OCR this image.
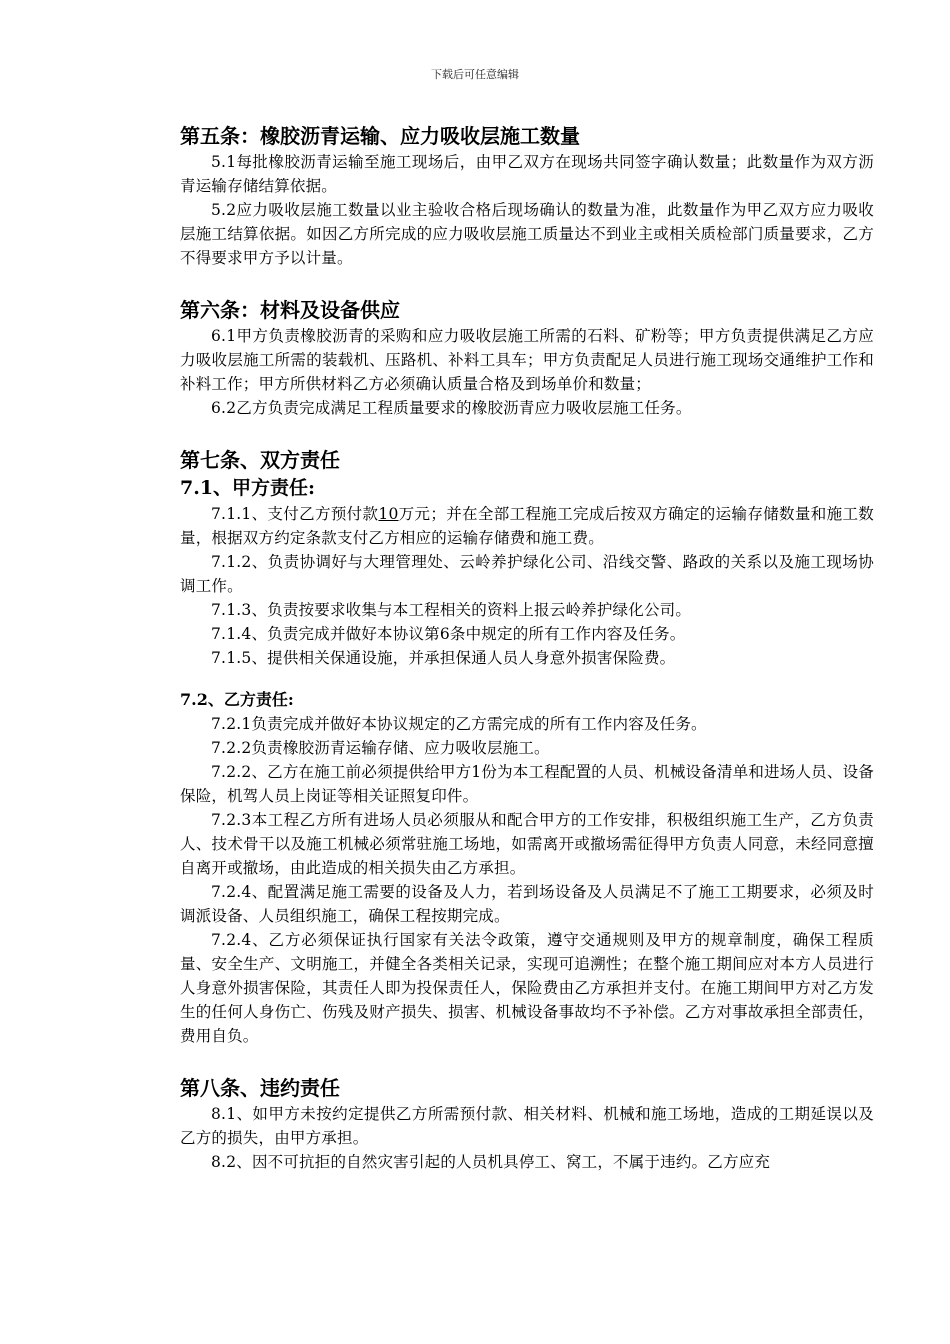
下载后可任意编辑
第五条：橡胶沥青运输、应力吸收层施工数量

5.1每批橡胶沥青运输至施工现场后，由甲乙双方在现场共同签字确认数量；此数量作为双方沥青运输存储结算依据。

5.2应力吸收层施工数量以业主验收合格后现场确认的数量为准，此数量作为甲乙双方应力吸收层施工结算依据。如因乙方所完成的应力吸收层施工质量达不到业主或相关质检部门质量要求，乙方不得要求甲方予以计量。

第六条：材料及设备供应

6.1甲方负责橡胶沥青的采购和应力吸收层施工所需的石料、矿粉等；甲方负责提供满足乙方应力吸收层施工所需的装载机、压路机、补料工具车；甲方负责配足人员进行施工现场交通维护工作和补料工作；甲方所供材料乙方必须确认质量合格及到场单价和数量；

6.2乙方负责完成满足工程质量要求的橡胶沥青应力吸收层施工任务。

第七条、双方责任
7.1、甲方责任:

7.1.1、支付乙方预付款10万元；并在全部工程施工完成后按双方确定的运输存储数量和施工数量，根据双方约定条款支付乙方相应的运输存储费和施工费。

7.1.2、负责协调好与大理管理处、云岭养护绿化公司、沿线交警、路政的关系以及施工现场协调工作。

7.1.3、负责按要求收集与本工程相关的资料上报云岭养护绿化公司。

7.1.4、负责完成并做好本协议第6条中规定的所有工作内容及任务。

7.1.5、提供相关保通设施，并承担保通人员人身意外损害保险费。

7.2、乙方责任:

7.2.1负责完成并做好本协议规定的乙方需完成的所有工作内容及任务。

7.2.2负责橡胶沥青运输存储、应力吸收层施工。

7.2.2、乙方在施工前必须提供给甲方1份为本工程配置的人员、机械设备清单和进场人员、设备保险，机驾人员上岗证等相关证照复印件。

7.2.3本工程乙方所有进场人员必须服从和配合甲方的工作安排，积极组织施工生产，乙方负责人、技术骨干以及施工机械必须常驻施工场地，如需离开或撤场需征得甲方负责人同意，未经同意擅自离开或撤场，由此造成的相关损失由乙方承担。

7.2.4、配置满足施工需要的设备及人力，若到场设备及人员满足不了施工工期要求，必须及时调派设备、人员组织施工，确保工程按期完成。

7.2.4、乙方必须保证执行国家有关法令政策，遵守交通规则及甲方的规章制度，确保工程质量、安全生产、文明施工，并健全各类相关记录，实现可追溯性；在整个施工期间应对本方人员进行人身意外损害保险，其责任人即为投保责任人，保险费由乙方承担并支付。在施工期间甲方对乙方发生的任何人身伤亡、伤残及财产损失、损害、机械设备事故均不予补偿。乙方对事故承担全部责任，费用自负。

第八条、违约责任

8.1、如甲方未按约定提供乙方所需预付款、相关材料、机械和施工场地，造成的工期延误以及乙方的损失，由甲方承担。

8.2、因不可抗拒的自然灾害引起的人员机具停工、窝工，不属于违约。乙方应充
